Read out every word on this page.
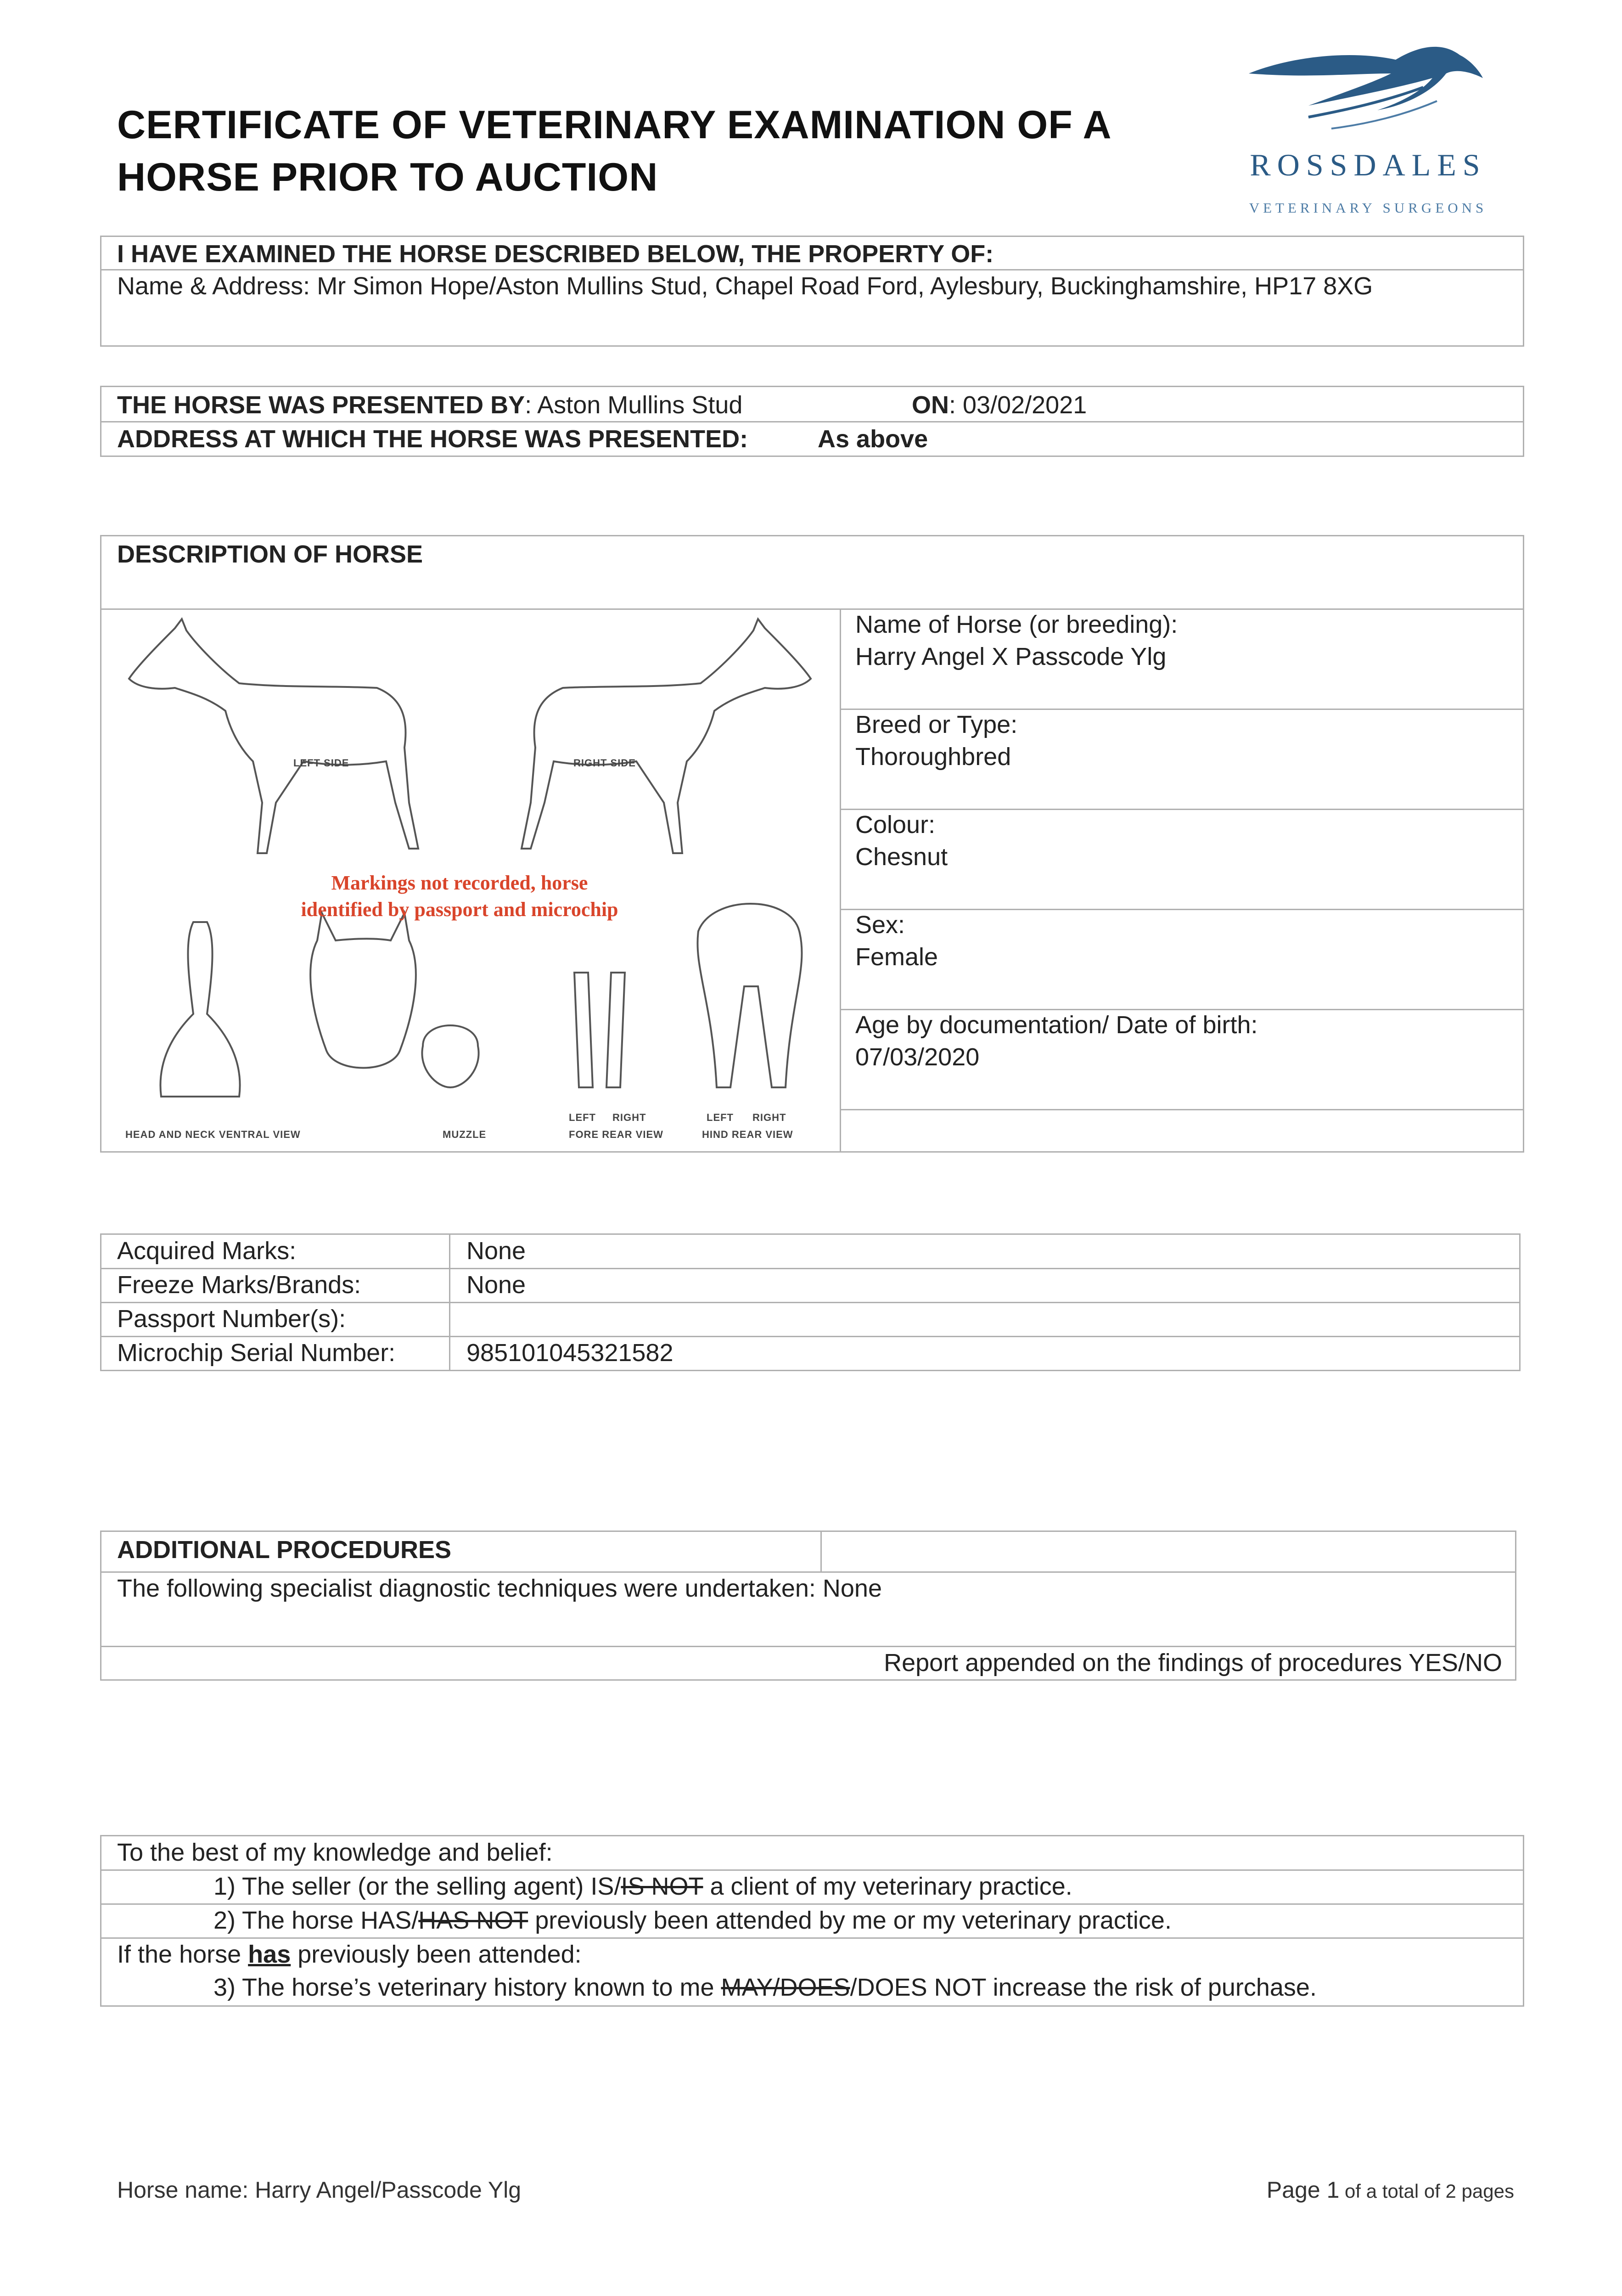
CERTIFICATE OF VETERINARY EXAMINATION OF A
HORSE PRIOR TO AUCTION	ROSSDALES
VETERINARY SURGEONS
I HAVE EXAMINED THE HORSE DESCRIBED BELOW, THE PROPERTY OF:
Name & Address: Mr Simon Hope/Aston Mullins Stud, Chapel Road Ford, Aylesbury, Buckinghamshire, HP17 8XG
THE HORSE WAS PRESENTED BY: Aston Mullins Stud	ON: 03/02/2021
ADDRESS AT WHICH THE HORSE WAS PRESENTED:	As above
DESCRIPTION OF HORSE
LEFT SIDE	RIGHT SIDE
Markings not recorded, horse
identified by passport and microchip
HEAD AND NECK VENTRAL VIEW	MUZZLE
LEFT RIGHT
FORE REAR VIEW
LEFT RIGHT
HIND REAR VIEW
Name of Horse (or breeding):
Harry Angel X Passcode Ylg
Breed or Type:
Thoroughbred
Colour:
Chesnut
Sex:
Female
Age by documentation/ Date of birth:
07/03/2020
Acquired Marks:	None
Freeze Marks/Brands:	None
Passport Number(s):
Microchip Serial Number:	985101045321582
ADDITIONAL PROCEDURES
The following specialist diagnostic techniques were undertaken: None
Report appended on the findings of procedures YES/NO
To the best of my knowledge and belief:
1) The seller (or the selling agent) IS/IS NOT a client of my veterinary practice.
2) The horse HAS/HAS NOT previously been attended by me or my veterinary practice.
If the horse has previously been attended:
3) The horse’s veterinary history known to me MAY/DOES/DOES NOT increase the risk of purchase.
Horse name: Harry Angel/Passcode Ylg	Page 1 of a total of 2 pages
